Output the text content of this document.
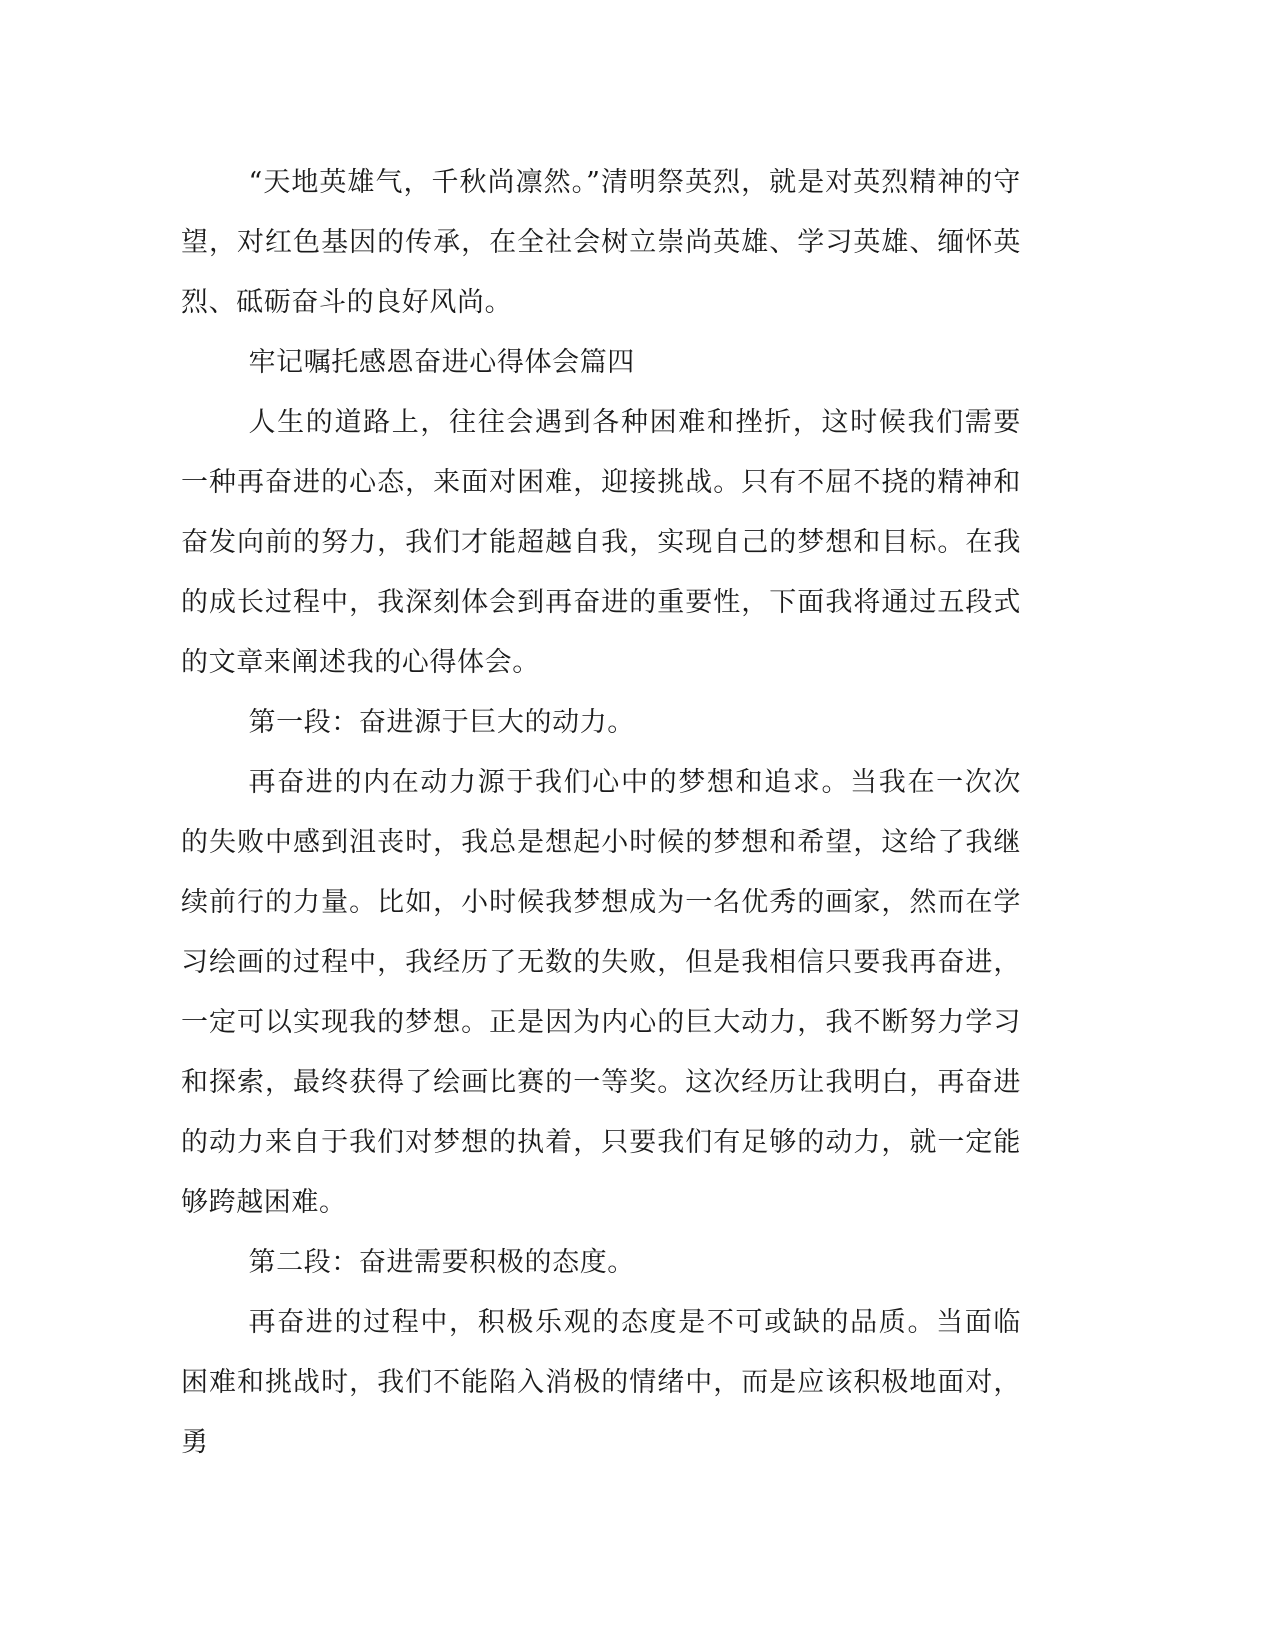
“天地英雄气，千秋尚凛然。”清明祭英烈，就是对英烈精神的守望，对红色基因的传承，在全社会树立崇尚英雄、学习英雄、缅怀英烈、砥砺奋斗的良好风尚。

牢记嘱托感恩奋进心得体会篇四

人生的道路上，往往会遇到各种困难和挫折，这时候我们需要一种再奋进的心态，来面对困难，迎接挑战。只有不屈不挠的精神和奋发向前的努力，我们才能超越自我，实现自己的梦想和目标。在我的成长过程中，我深刻体会到再奋进的重要性，下面我将通过五段式的文章来阐述我的心得体会。

第一段：奋进源于巨大的动力。

再奋进的内在动力源于我们心中的梦想和追求。当我在一次次的失败中感到沮丧时，我总是想起小时候的梦想和希望，这给了我继续前行的力量。比如，小时候我梦想成为一名优秀的画家，然而在学习绘画的过程中，我经历了无数的失败，但是我相信只要我再奋进，一定可以实现我的梦想。正是因为内心的巨大动力，我不断努力学习和探索，最终获得了绘画比赛的一等奖。这次经历让我明白，再奋进的动力来自于我们对梦想的执着，只要我们有足够的动力，就一定能够跨越困难。

第二段：奋进需要积极的态度。

再奋进的过程中，积极乐观的态度是不可或缺的品质。当面临困难和挑战时，我们不能陷入消极的情绪中，而是应该积极地面对，勇
